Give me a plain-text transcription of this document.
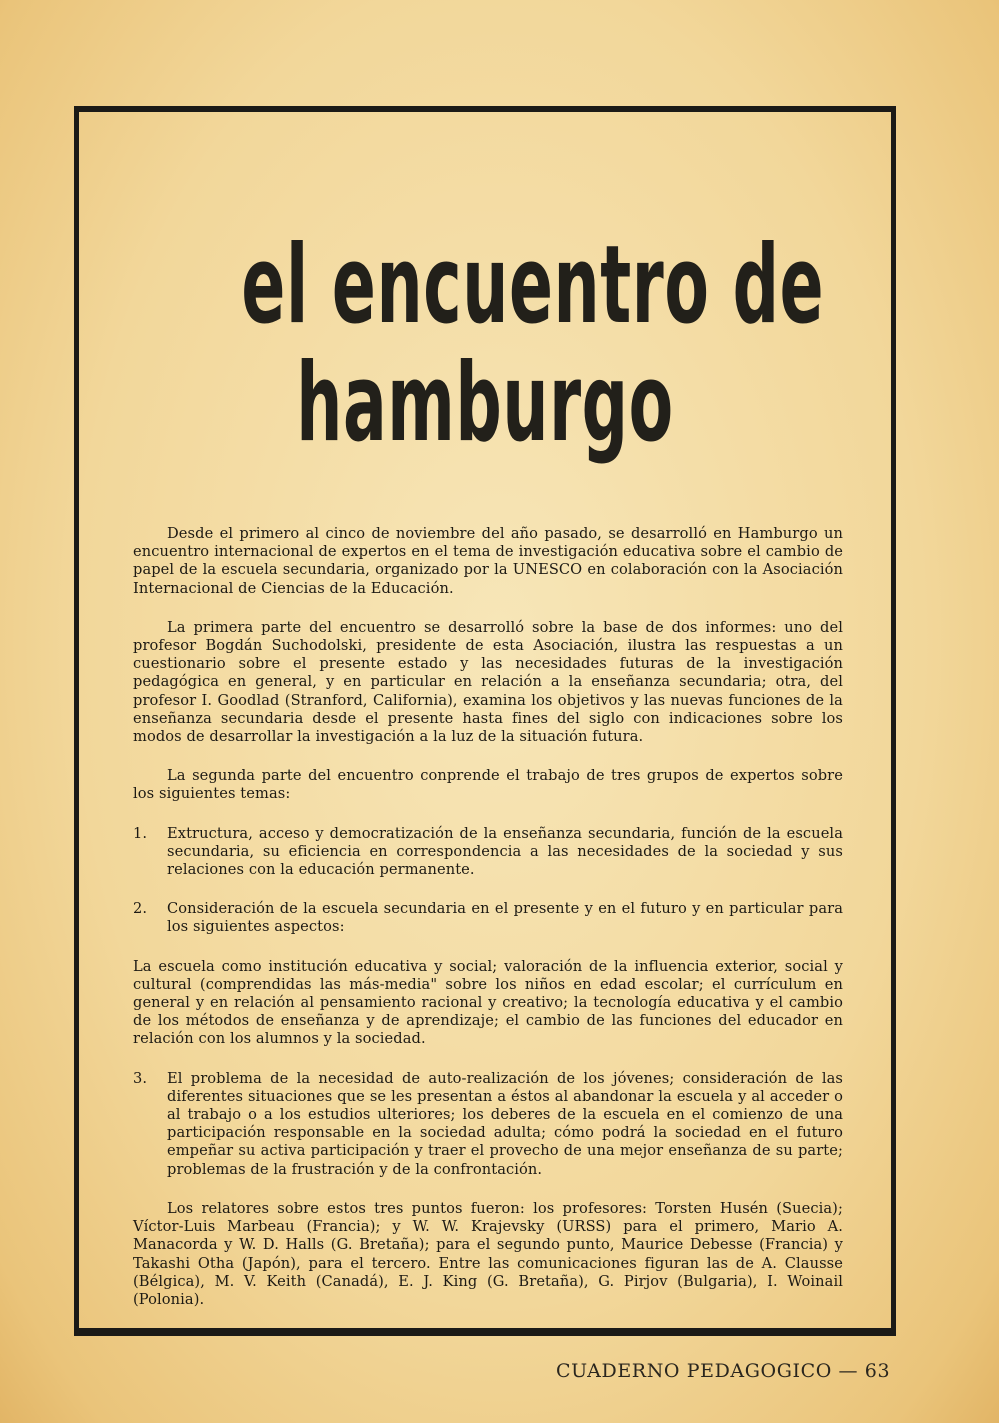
el encuentro de
hamburgo

Desde el primero al cinco de noviembre del año pasado, se desarrolló en Hamburgo un encuentro internacional de expertos en el tema de investigación educativa sobre el cambio de papel de la escuela secundaria, organizado por la UNESCO en colaboración con la Asociación Internacional de Ciencias de la Educación.

La primera parte del encuentro se desarrolló sobre la base de dos informes: uno del profesor Bogdán Suchodolski, presidente de esta Asociación, ilustra las respuestas a un cuestionario sobre el presente estado y las necesidades futuras de la investigación pedagógica en general, y en particular en relación a la enseñanza secundaria; otra, del profesor I. Goodlad (Stranford, California), examina los objetivos y las nuevas funciones de la enseñanza secundaria desde el presente hasta fines del siglo con indicaciones sobre los modos de desarrollar la investigación a la luz de la situación futura.

La segunda parte del encuentro conprende el trabajo de tres grupos de expertos sobre los siguientes temas:

1.	Extructura, acceso y democratización de la enseñanza secundaria, función de la escuela secundaria, su eficiencia en correspondencia a las necesidades de la sociedad y sus relaciones con la educación permanente.
2.	Consideración de la escuela secundaria en el presente y en el futuro y en particular para los siguientes aspectos:

La escuela como institución educativa y social; valoración de la influencia exterior, social y cultural (comprendidas las más-media" sobre los niños en edad escolar; el currículum en general y en relación al pensamiento racional y creativo; la tecnología educativa y el cambio de los métodos de enseñanza y de aprendizaje; el cambio de las funciones del educador en relación con los alumnos y la sociedad.

3.	El problema de la necesidad de auto-realización de los jóvenes; consideración de las diferentes situaciones que se les presentan a éstos al abandonar la escuela y al acceder o al trabajo o a los estudios ulteriores; los deberes de la escuela en el comienzo de una participación responsable en la sociedad adulta; cómo podrá la sociedad en el futuro empeñar su activa participación y traer el provecho de una mejor enseñanza de su parte; problemas de la frustración y de la confrontación.

Los relatores sobre estos tres puntos fueron: los profesores: Torsten Husén (Suecia); Víctor-Luis Marbeau (Francia); y W. W. Krajevsky (URSS) para el primero, Mario A. Manacorda y W. D. Halls (G. Bretaña); para el segundo punto, Maurice Debesse (Francia) y Takashi Otha (Japón), para el tercero. Entre las comunicaciones figuran las de A. Clausse (Bélgica), M. V. Keith (Canadá), E. J. King (G. Bretaña), G. Pirjov (Bulgaria), I. Woinail (Polonia).

CUADERNO PEDAGOGICO — 63
